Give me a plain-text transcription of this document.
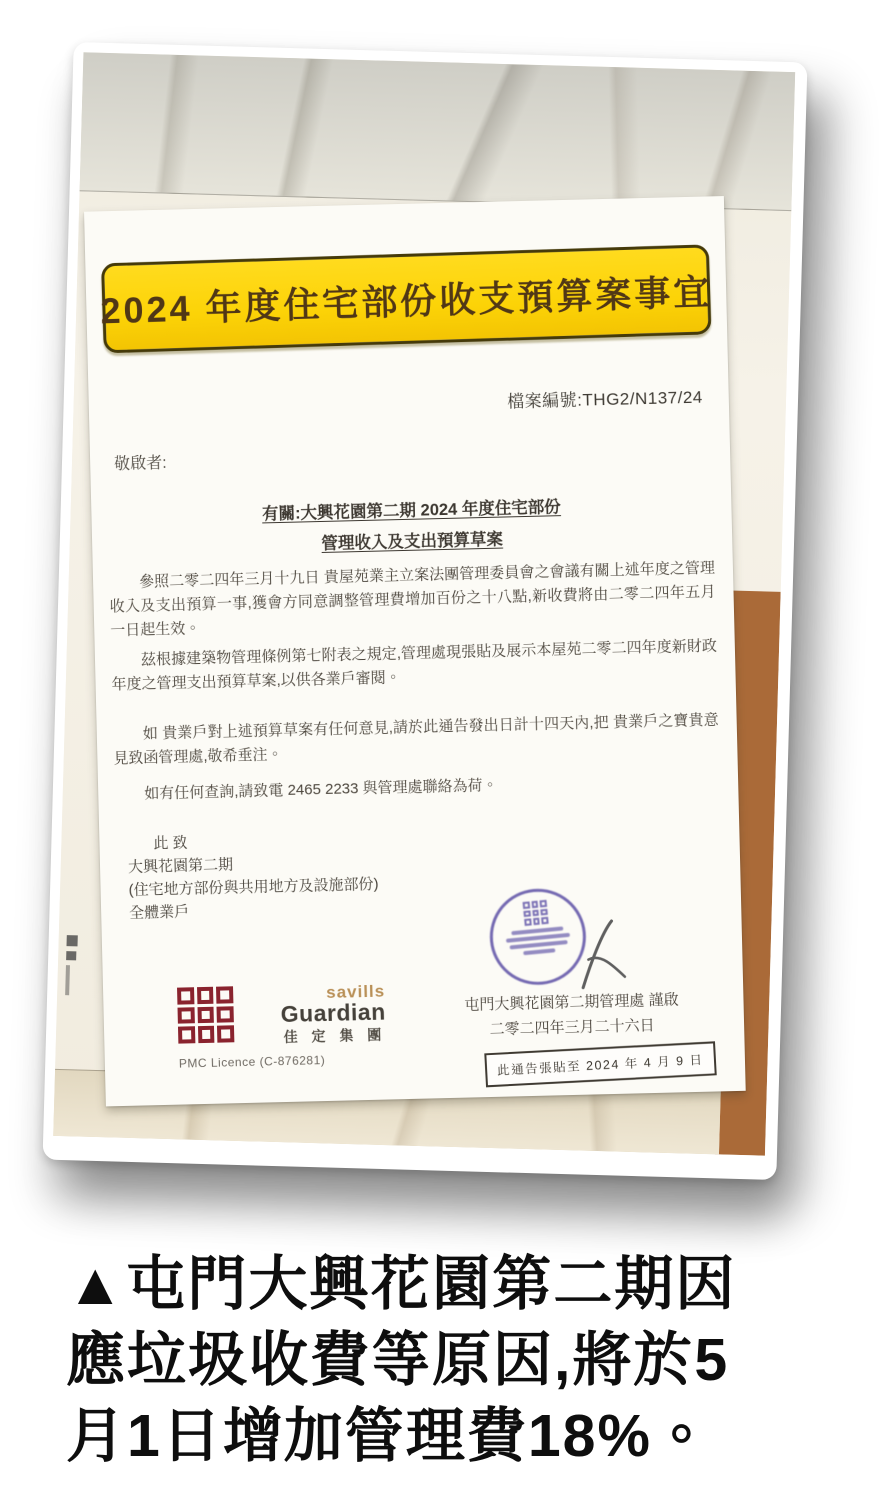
2024 年度住宅部份收支預算案事宜
檔案編號:THG2/N137/24
敬啟者:
有關:大興花園第二期 2024 年度住宅部份
管理收入及支出預算草案

參照二零二四年三月十九日 貴屋苑業主立案法團管理委員會之會議有關上述年度之管理收入及支出預算一事,獲會方同意調整管理費增加百份之十八點,新收費將由二零二四年五月一日起生效。

茲根據建築物管理條例第七附表之規定,管理處現張貼及展示本屋苑二零二四年度新財政年度之管理支出預算草案,以供各業戶審閱。

如 貴業戶對上述預算草案有任何意見,請於此通告發出日計十四天內,把 貴業戶之寶貴意見致函管理處,敬希垂注。

如有任何查詢,請致電 2465 2233 與管理處聯絡為荷。

此 致
大興花園第二期
(住宅地方部份與共用地方及設施部份)
全體業戶
屯門大興花園第二期管理處 謹啟
二零二四年三月二十六日
savills
Guardian
佳 定 集 團
PMC Licence (C-876281)	此通告張貼至 2024 年 4 月 9 日
▲屯門大興花園第二期因
應垃圾收費等原因,將於5
月1日增加管理費18%。
